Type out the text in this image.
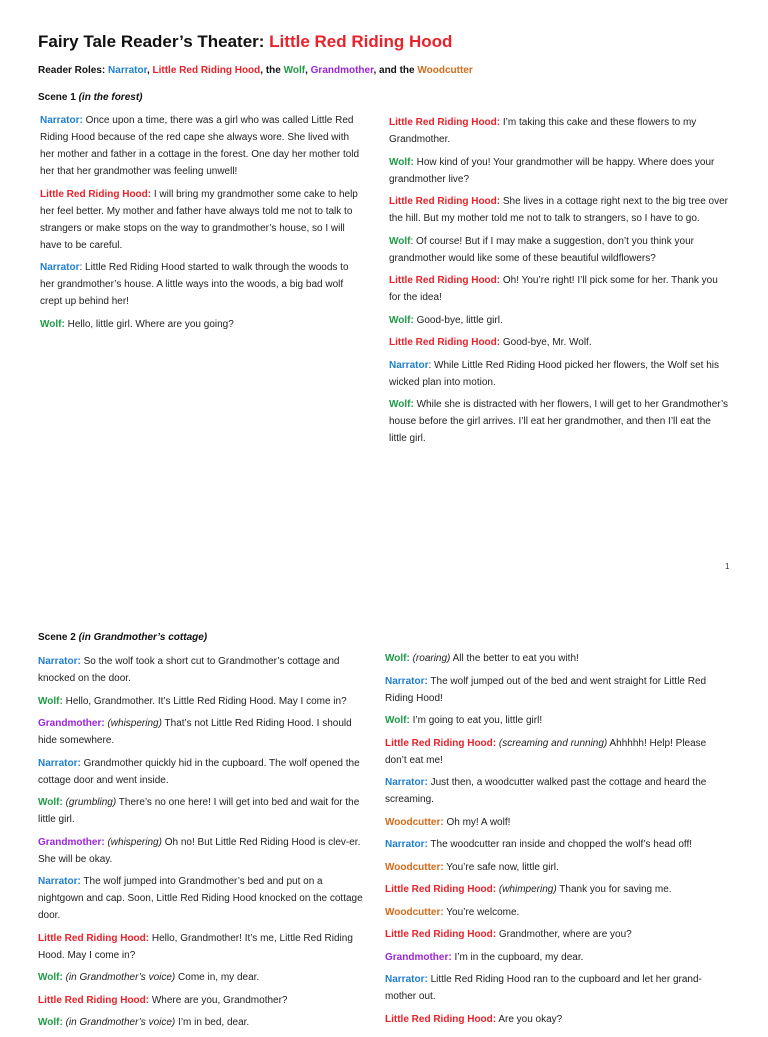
Fairy Tale Reader’s Theater: Little Red Riding Hood
Reader Roles: Narrator, Little Red Riding Hood, the Wolf, Grandmother, and the Woodcutter
Scene 1 (in the forest)

Narrator: Once upon a time, there was a girl who was called Little Red Riding Hood because of the red cape she always wore. She lived with her mother and father in a cottage in the forest. One day her mother told her that her grandmother was feeling unwell!

Little Red Riding Hood: I will bring my grandmother some cake to help her feel better. My mother and father have always told me not to talk to strangers or make stops on the way to grandmother’s house, so I will have to be careful.

Narrator: Little Red Riding Hood started to walk through the woods to her grandmother’s house. A little ways into the woods, a big bad wolf crept up behind her!

Wolf: Hello, little girl. Where are you going?

Little Red Riding Hood: I’m taking this cake and these flowers to my Grandmother.

Wolf: How kind of you! Your grandmother will be happy. Where does your grandmother live?

Little Red Riding Hood: She lives in a cottage right next to the big tree over the hill. But my mother told me not to talk to strangers, so I have to go.

Wolf: Of course! But if I may make a suggestion, don’t you think your grandmother would like some of these beautiful wildflowers?

Little Red Riding Hood: Oh! You’re right! I’ll pick some for her. Thank you for the idea!

Wolf: Good-bye, little girl.

Little Red Riding Hood: Good-bye, Mr. Wolf.

Narrator: While Little Red Riding Hood picked her flowers, the Wolf set his wicked plan into motion.

Wolf: While she is distracted with her flowers, I will get to her Grandmother’s house before the girl arrives. I’ll eat her grandmother, and then I’ll eat the little girl.

1
Scene 2 (in Grandmother’s cottage)

Narrator: So the wolf took a short cut to Grandmother’s cottage and knocked on the door.

Wolf: Hello, Grandmother. It’s Little Red Riding Hood. May I come in?

Grandmother: (whispering) That’s not Little Red Riding Hood. I should hide somewhere.

Narrator: Grandmother quickly hid in the cupboard. The wolf opened the cottage door and went inside.

Wolf: (grumbling) There’s no one here! I will get into bed and wait for the little girl.

Grandmother: (whispering) Oh no! But Little Red Riding Hood is clev-er. She will be okay.

Narrator: The wolf jumped into Grandmother’s bed and put on a nightgown and cap. Soon, Little Red Riding Hood knocked on the cottage door.

Little Red Riding Hood: Hello, Grandmother! It’s me, Little Red Riding Hood. May I come in?

Wolf: (in Grandmother’s voice) Come in, my dear.

Little Red Riding Hood: Where are you, Grandmother?

Wolf: (in Grandmother’s voice) I’m in bed, dear.

Wolf: (roaring) All the better to eat you with!

Narrator: The wolf jumped out of the bed and went straight for Little Red Riding Hood!

Wolf: I’m going to eat you, little girl!

Little Red Riding Hood: (screaming and running) Ahhhhh! Help! Please don’t eat me!

Narrator: Just then, a woodcutter walked past the cottage and heard the screaming.

Woodcutter: Oh my! A wolf!

Narrator: The woodcutter ran inside and chopped the wolf’s head off!

Woodcutter: You’re safe now, little girl.

Little Red Riding Hood: (whimpering) Thank you for saving me.

Woodcutter: You’re welcome.

Little Red Riding Hood: Grandmother, where are you?

Grandmother: I’m in the cupboard, my dear.

Narrator: Little Red Riding Hood ran to the cupboard and let her grand-mother out.

Little Red Riding Hood: Are you okay?
